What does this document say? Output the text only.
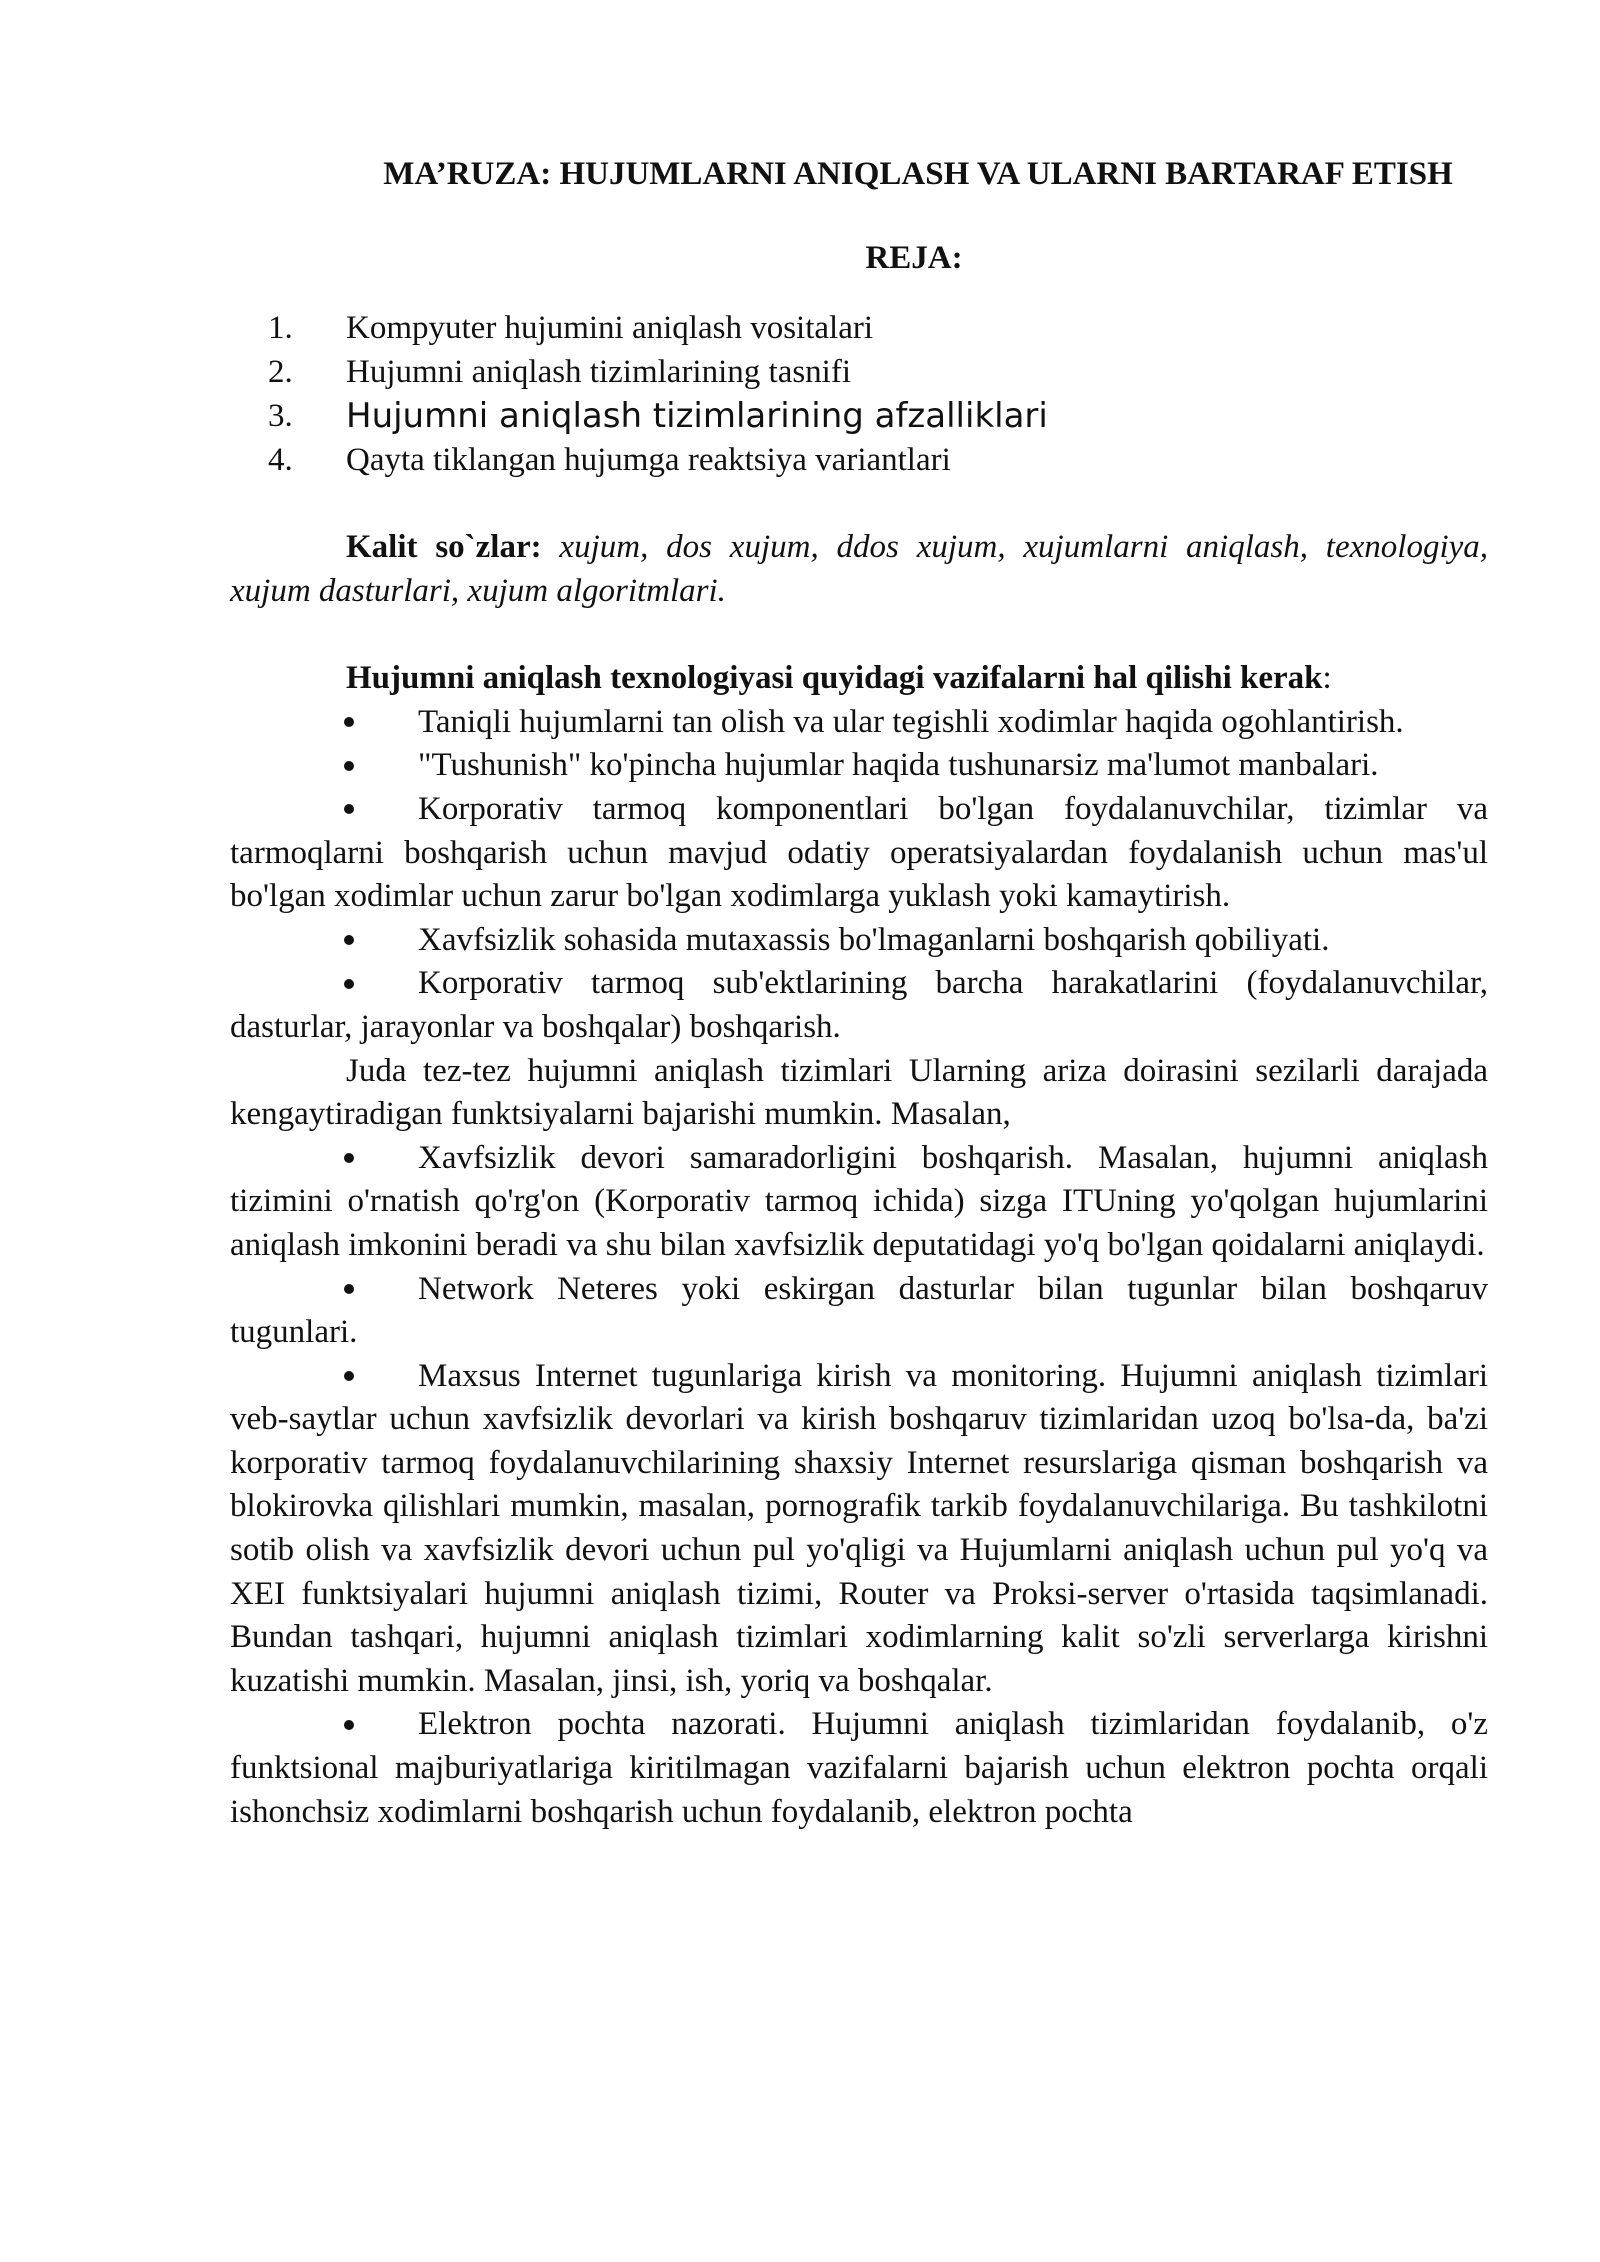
MA’RUZA: HUJUMLARNI ANIQLASH VA ULARNI BARTARAF ETISH
REJA:
1. Kompyuter hujumini aniqlash vositalari
2. Hujumni aniqlash tizimlarining tasnifi
3. Hujumni aniqlash tizimlarining afzalliklari
4. Qayta tiklangan hujumga reaktsiya variantlari

Kalit so`zlar: xujum, dos xujum, ddos xujum, xujumlarni aniqlash, texnologiya, xujum dasturlari, xujum algoritmlari.

Hujumni aniqlash texnologiyasi quyidagi vazifalarni hal qilishi kerak:

Taniqli hujumlarni tan olish va ular tegishli xodimlar haqida ogohlantirish.

"Tushunish" ko'pincha hujumlar haqida tushunarsiz ma'lumot manbalari.

Korporativ tarmoq komponentlari bo'lgan foydalanuvchilar, tizimlar va tarmoqlarni boshqarish uchun mavjud odatiy operatsiyalardan foydalanish uchun mas'ul bo'lgan xodimlar uchun zarur bo'lgan xodimlarga yuklash yoki kamaytirish.

Xavfsizlik sohasida mutaxassis bo'lmaganlarni boshqarish qobiliyati.

Korporativ tarmoq sub'ektlarining barcha harakatlarini (foydalanuvchilar, dasturlar, jarayonlar va boshqalar) boshqarish.

Juda tez-tez hujumni aniqlash tizimlari Ularning ariza doirasini sezilarli darajada kengaytiradigan funktsiyalarni bajarishi mumkin. Masalan,

Xavfsizlik devori samaradorligini boshqarish. Masalan, hujumni aniqlash tizimini o'rnatish qo'rg'on (Korporativ tarmoq ichida) sizga ITUning yo'qolgan hujumlarini aniqlash imkonini beradi va shu bilan xavfsizlik deputatidagi yo'q bo'lgan qoidalarni aniqlaydi.

Network Neteres yoki eskirgan dasturlar bilan tugunlar bilan boshqaruv tugunlari.

Maxsus Internet tugunlariga kirish va monitoring. Hujumni aniqlash tizimlari veb-saytlar uchun xavfsizlik devorlari va kirish boshqaruv tizimlaridan uzoq bo'lsa-da, ba'zi korporativ tarmoq foydalanuvchilarining shaxsiy Internet resurslariga qisman boshqarish va blokirovka qilishlari mumkin, masalan, pornografik tarkib foydalanuvchilariga. Bu tashkilotni sotib olish va xavfsizlik devori uchun pul yo'qligi va Hujumlarni aniqlash uchun pul yo'q va XEI funktsiyalari hujumni aniqlash tizimi, Router va Proksi-server o'rtasida taqsimlanadi. Bundan tashqari, hujumni aniqlash tizimlari xodimlarning kalit so'zli serverlarga kirishni kuzatishi mumkin. Masalan, jinsi, ish, yoriq va boshqalar.

Elektron pochta nazorati. Hujumni aniqlash tizimlaridan foydalanib, o'z funktsional majburiyatlariga kiritilmagan vazifalarni bajarish uchun elektron pochta orqali ishonchsiz xodimlarni boshqarish uchun foydalanib, elektron pochta
